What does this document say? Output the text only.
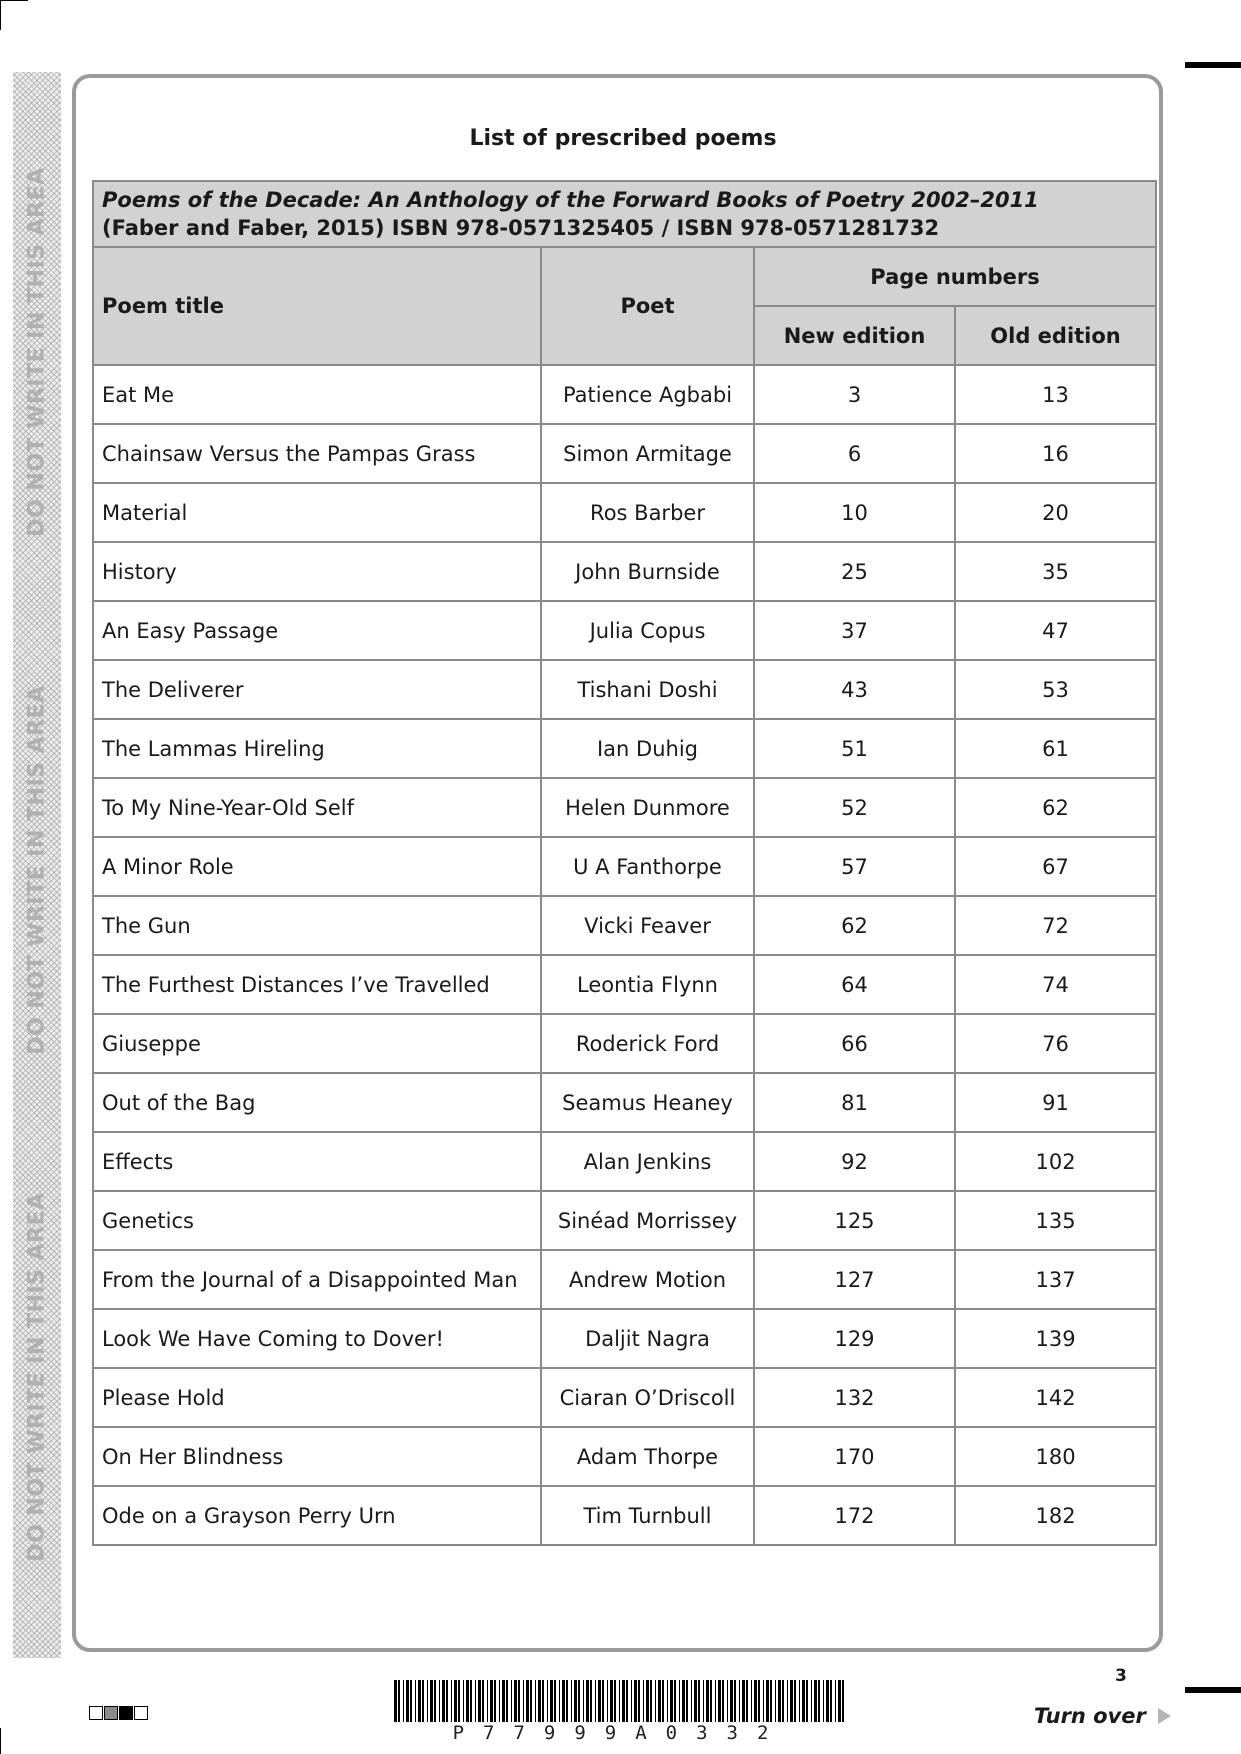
DO NOT WRITE IN THIS AREA
DO NOT WRITE IN THIS AREA
DO NOT WRITE IN THIS AREA
List of prescribed poems
Poems of the Decade: An Anthology of the Forward Books of Poetry 2002–2011
(Faber and Faber, 2015) ISBN 978-0571325405 / ISBN 978-0571281732			

Poem title	Poet	Page numbers	
		New edition	Old edition
Eat Me	Patience Agbabi	3	13
Chainsaw Versus the Pampas Grass	Simon Armitage	6	16
Material	Ros Barber	10	20
History	John Burnside	25	35
An Easy Passage	Julia Copus	37	47
The Deliverer	Tishani Doshi	43	53
The Lammas Hireling	Ian Duhig	51	61
To My Nine-Year-Old Self	Helen Dunmore	52	62
A Minor Role	U A Fanthorpe	57	67
The Gun	Vicki Feaver	62	72
The Furthest Distances I’ve Travelled	Leontia Flynn	64	74
Giuseppe	Roderick Ford	66	76
Out of the Bag	Seamus Heaney	81	91
Effects	Alan Jenkins	92	102
Genetics	Sinéad Morrissey	125	135
From the Journal of a Disappointed Man	Andrew Motion	127	137
Look We Have Coming to Dover!	Daljit Nagra	129	139
Please Hold	Ciaran O’Driscoll	132	142
On Her Blindness	Adam Thorpe	170	180
Ode on a Grayson Perry Urn	Tim Turnbull	172	182
P77999A0332
3
Turn over
